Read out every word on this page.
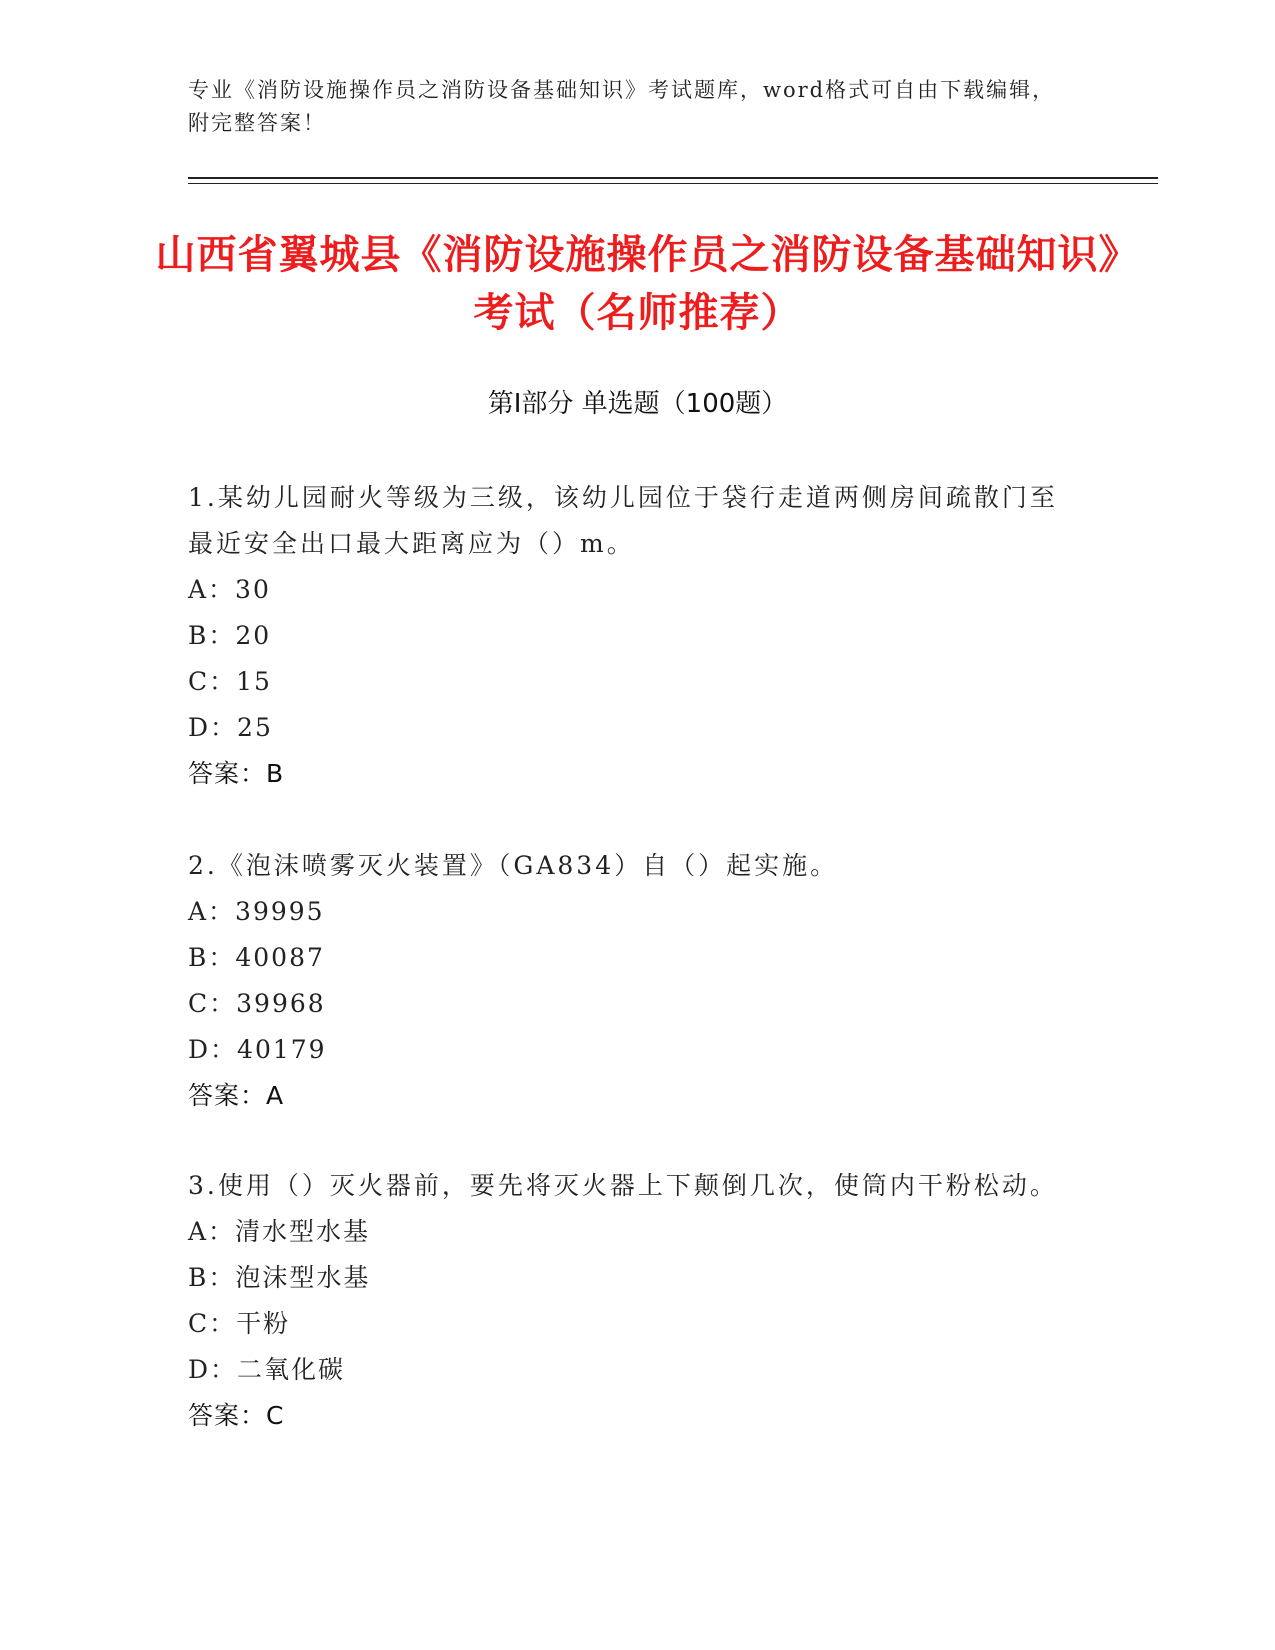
专业《消防设施操作员之消防设备基础知识》考试题库，word格式可自由下载编辑，附完整答案！
山西省翼城县《消防设施操作员之消防设备基础知识》考试（名师推荐）
第I部分 单选题（100题）
1.某幼儿园耐火等级为三级，该幼儿园位于袋行走道两侧房间疏散门至最近安全出口最大距离应为（）m。
A：30
B：20
C：15
D：25
答案：B
2.《泡沫喷雾灭火装置》（GA834）自（）起实施。
A：39995
B：40087
C：39968
D：40179
答案：A
3.使用（）灭火器前，要先将灭火器上下颠倒几次，使筒内干粉松动。
A：清水型水基
B：泡沫型水基
C：干粉
D：二氧化碳
答案：C
